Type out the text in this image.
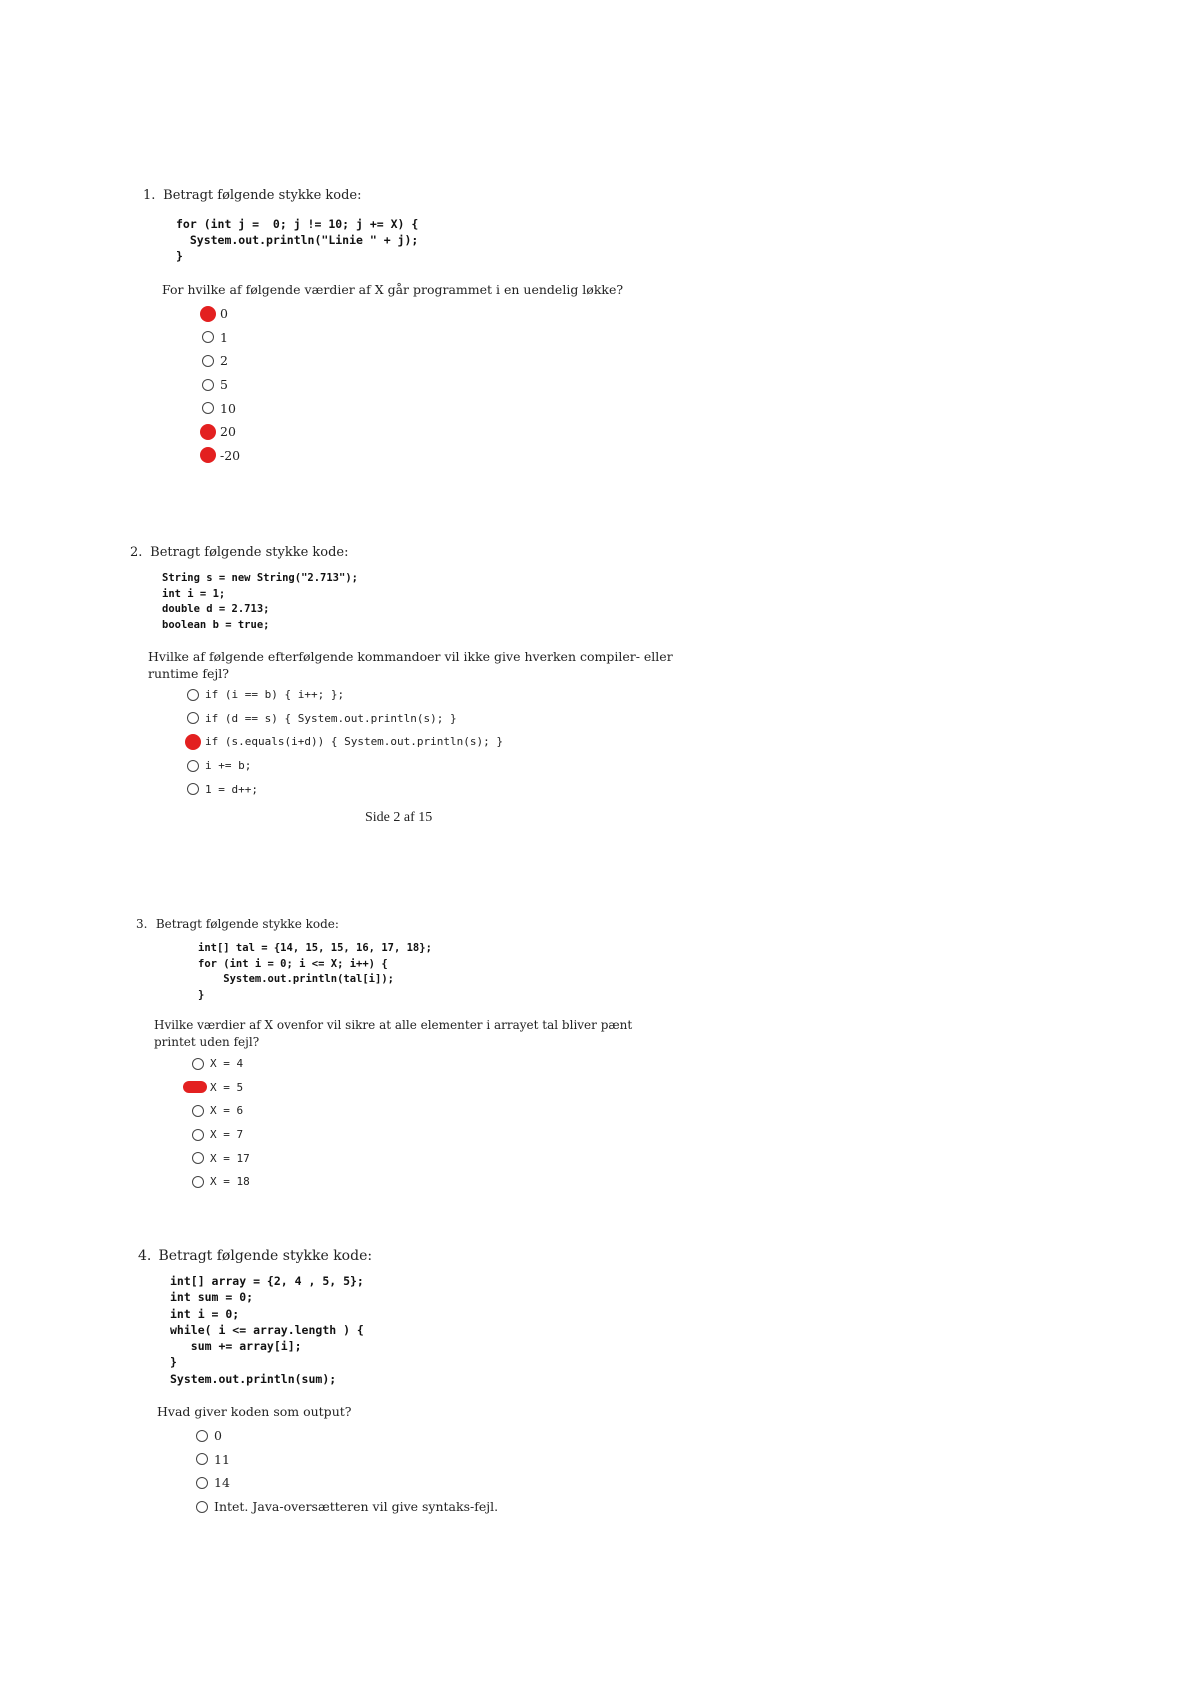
1. Betragt følgende stykke kode:
for (int j =  0; j != 10; j += X) {
System.out.println("Linie " + j);
}
For hvilke af følgende værdier af X går programmet i en uendelig løkke?
0
1
2
5
10
20
-20
2. Betragt følgende stykke kode:
String s = new String("2.713");
int i = 1;
double d = 2.713;
boolean b = true;
Hvilke af følgende efterfølgende kommandoer vil ikke give hverken compiler- eller runtime fejl?
if (i == b) { i++; };
if (d == s) { System.out.println(s); }
if (s.equals(i+d)) { System.out.println(s); }
i += b;
1 = d++;
Side 2 af 15
3. Betragt følgende stykke kode:
int[] tal = {14, 15, 15, 16, 17, 18};
for (int i = 0; i <= X; i++) {
System.out.println(tal[i]);
}
Hvilke værdier af X ovenfor vil sikre at alle elementer i arrayet tal bliver pænt printet uden fejl?
X = 4
X = 5
X = 6
X = 7
X = 17
X = 18
4. Betragt følgende stykke kode:
int[] array = {2, 4 , 5, 5};
int sum = 0;
int i = 0;
while( i <= array.length ) {
sum += array[i];
}
System.out.println(sum);
Hvad giver koden som output?
0
11
14
Intet. Java-oversætteren vil give syntaks-fejl.
